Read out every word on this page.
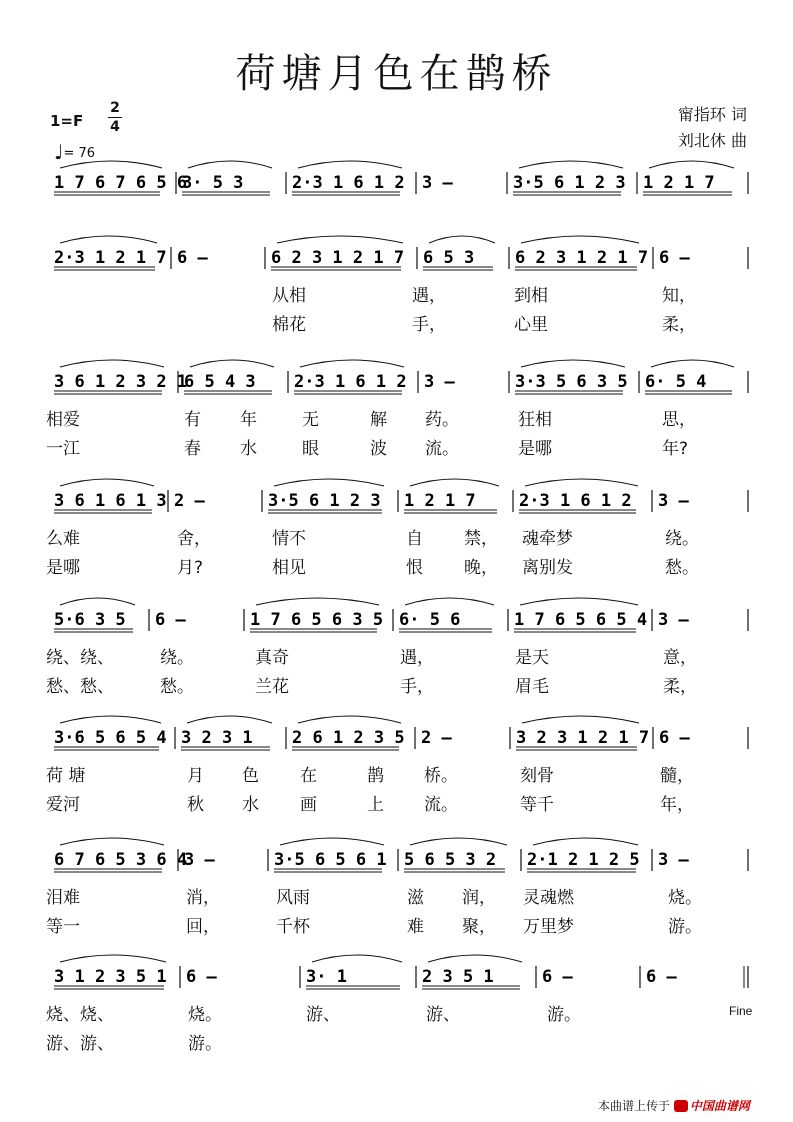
荷塘月色在鹊桥
甯指环 词
刘北休 曲
1=F
2
4
♩= 76
1 7 6 7 6 5 6
3· 5 3	2·3 1 6 1 2 3 —	3·5 6 1 2 3 1 2 1 7
2·3 1 2 1 7 6 —	6 2 3 1 2 1 7 6 5 3 6 2 3 1 2 1 7 6 —
3 6 1 2 3 2 1
6 5 4 3 2·3 1 6 1 2 3 —	3·3 5 6 3 5 6· 5 4
3 6 1 6 1 3 2 —	3·5 6 1 2 3 1 2 1 7	2·3 1 6 1 2 3 —
5·6 3 5 6 —	1 7 6 5 6 3 5 6· 5 6	1 7 6 5 6 5 4 3 —
3·6 5 6 5 4 3 2 3 1 2 6 1 2 3 5 2 —	3 2 3 1 2 1 7 6 —
6 7 6 5 3 6 4
3 —	3·5 6 5 6 1 5 6 5 3 2 2·1 2 1 2 5 3 —
3 1 2 3 5 1 6 —	3· 1	2 3 5 1	6 —	6 —
从相	遇，	到相	知，
棉花	手，	心里	柔，
相爱	有 年	无	解 药。	狂相	思，
一江	春 水	眼	波 流。	是哪	年?
么难	舍，	情不	自 禁， 魂牵梦	绕。
是哪	月?	相见	恨 晚， 离别发	愁。
绕、绕、	绕。	真奇	遇，	是天	意，
愁、愁、	愁。	兰花	手，	眉毛	柔，
荷 塘	月 色 在	鹊 桥。	刻骨	髓，
爱河	秋 水 画	上 流。	等千	年，
泪难	消，	风雨	滋 润， 灵魂燃	烧。
等一	回，	千杯	难 聚， 万里梦	游。
烧、烧、	烧。	游、	游、	游。
游、游、	游。
Fine
本曲谱上传于 中国曲谱网
